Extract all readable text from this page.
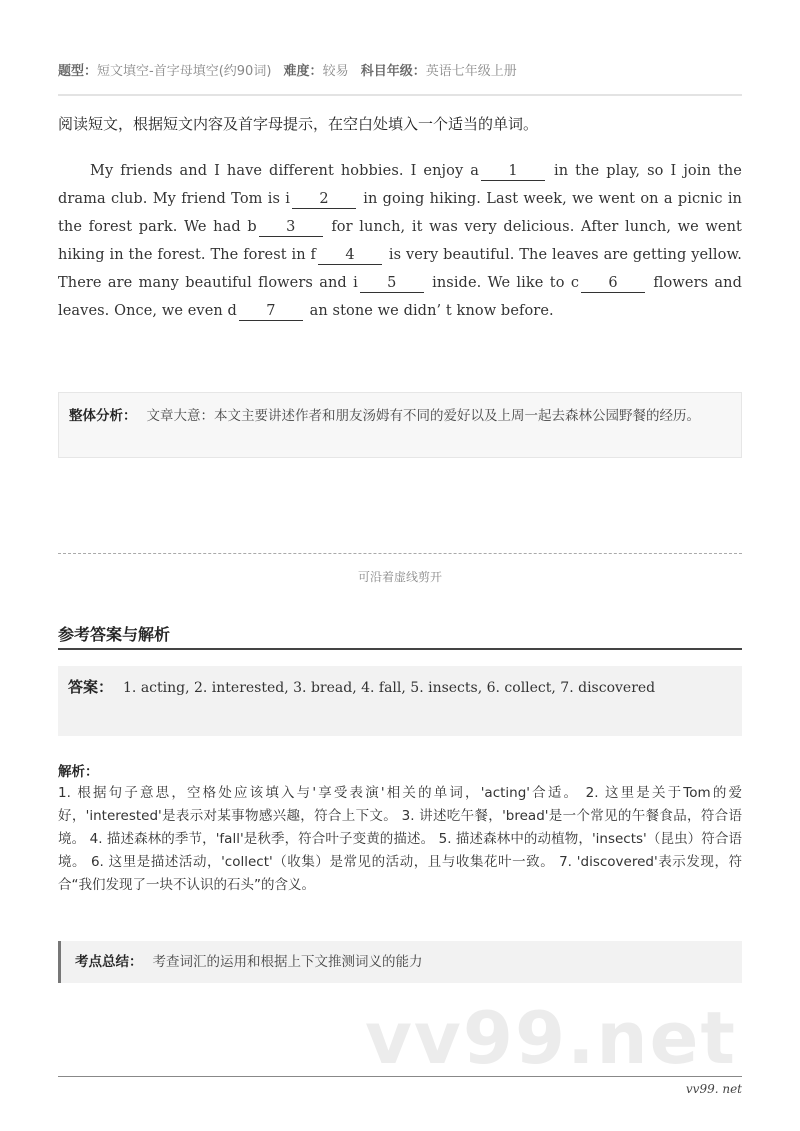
题型：短文填空-首字母填空(约90词) 难度：较易 科目年级：英语七年级上册
阅读短文，根据短文内容及首字母提示，在空白处填入一个适当的单词。
My friends and I have different hobbies. I enjoy a 1 in the play, so I join the drama club. My friend Tom is i 2 in going hiking. Last week, we went on a picnic in the forest park. We had b 3 for lunch, it was very delicious. After lunch, we went hiking in the forest. The forest in f 4 is very beautiful. The leaves are getting yellow. There are many beautiful flowers and i 5 inside. We like to c 6 flowers and leaves. Once, we even d 7 an stone we didn’ t know before.
整体分析： 文章大意：本文主要讲述作者和朋友汤姆有不同的爱好以及上周一起去森林公园野餐的经历。
可沿着虚线剪开
参考答案与解析
答案： 1. acting, 2. interested, 3. bread, 4. fall, 5. insects, 6. collect, 7. discovered
解析：
1. 根据句子意思，空格处应该填入与'享受表演'相关的单词，'acting'合适。 2. 这里是关于Tom的爱好，'interested'是表示对某事物感兴趣，符合上下文。 3. 讲述吃午餐，'bread'是一个常见的午餐食品，符合语境。 4. 描述森林的季节，'fall'是秋季，符合叶子变黄的描述。 5. 描述森林中的动植物，'insects'（昆虫）符合语境。 6. 这里是描述活动，'collect'（收集）是常见的活动，且与收集花叶一致。 7. 'discovered'表示发现，符合“我们发现了一块不认识的石头”的含义。
考点总结： 考查词汇的运用和根据上下文推测词义的能力
vv99.net
vv99. net
